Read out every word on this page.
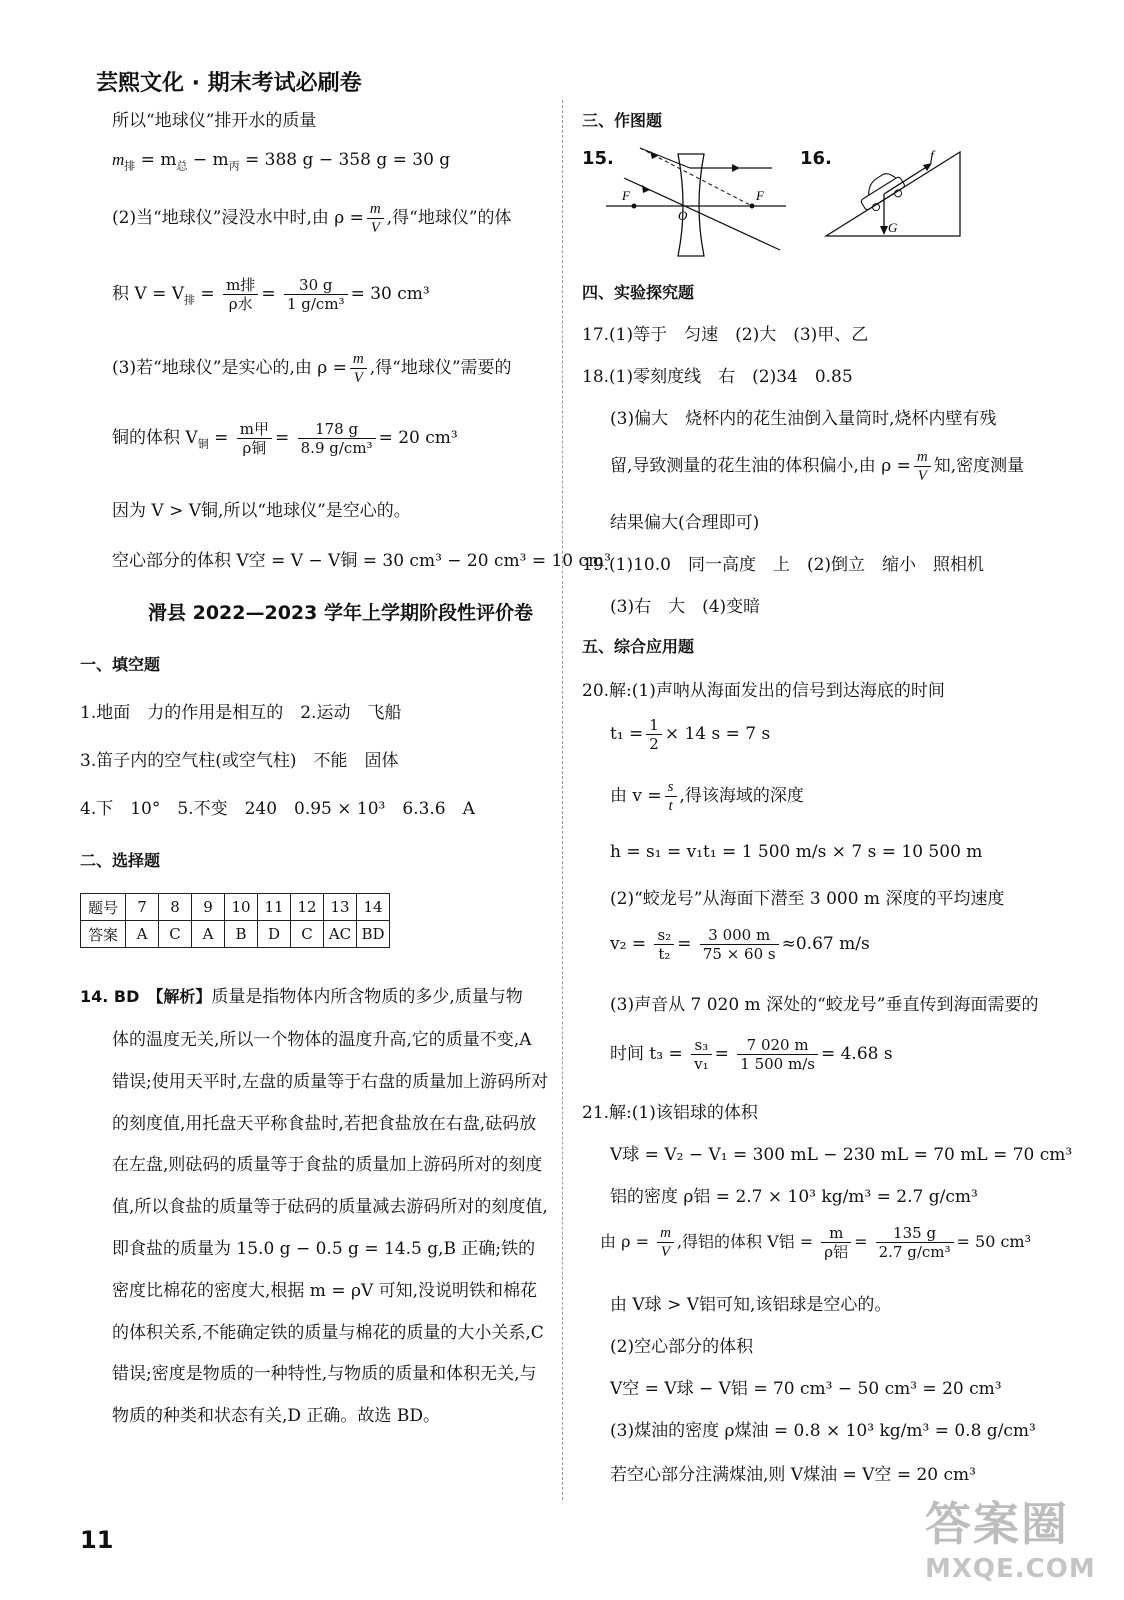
芸熙文化 · 期末考试必刷卷
所以“地球仪”排开水的质量
$m_排 = m_总 - m_丙 = 388$ g − 358 g = 30 g
(2)当“地球仪”浸没水中时,由 $\rho = \frac{m}{V}$ ,得“地球仪”的体
积 $V = V_排 = \frac{\text{m排}}{\text{ρ水}} = \frac{30 g}{\text{1 g/cm³}} = 30$ cm³
(3)若“地球仪”是实心的,由 $\rho = \frac{m}{V}$ ,得“地球仪”需要的
铜的体积 $V_铜 = \frac{\text{m甲}}{\text{ρ铜}} = \frac{178 g}{\text{8.9 g/cm³}} = 20$ cm³
因为 V > V铜,所以“地球仪”是空心的。
空心部分的体积 V空 = V − V铜 = 30 cm³ − 20 cm³ = 10 cm³
滑县 2022—2023 学年上学期阶段性评价卷
一、填空题
1.地面　力的作用是相互的　2.运动　飞船
3.笛子内的空气柱(或空气柱)　不能　固体
4.下　10°　5.不变　240　0.95 × 10³　6.3.6　A
二、选择题
题号	7	8	9	10	11	12	13	14
答案	A	C	A	B	D	C	AC	BD
14. BD　【解析】质量是指物体内所含物质的多少,质量与物
体的温度无关,所以一个物体的温度升高,它的质量不变,A 错误;使用天平时,左盘的质量等于右盘的质量加上游码所对的刻度值,用托盘天平称食盐时,若把食盐放在右盘,砝码放在左盘,则砝码的质量等于食盐的质量加上游码所对的刻度值,所以食盐的质量等于砝码的质量减去游码所对的刻度值,即食盐的质量为 15.0 g − 0.5 g = 14.5 g,B 正确;铁的密度比棉花的密度大,根据 m = ρV 可知,没说明铁和棉花的体积关系,不能确定铁的质量与棉花的质量的大小关系,C 错误;密度是物质的一种特性,与物质的质量和体积无关,与物质的种类和状态有关,D 正确。故选 BD。
11
三、作图题
15.	16.
F
O
F
f
G
四、实验探究题
17.(1)等于　匀速　(2)大　(3)甲、乙
18.(1)零刻度线　右　(2)34　0.85
(3)偏大　烧杯内的花生油倒入量筒时,烧杯内壁有残
留,导致测量的花生油的体积偏小,由 $\rho = \frac{m}{V}$ 知,密度测量
结果偏大(合理即可)
19.(1)10.0　同一高度　上　(2)倒立　缩小　照相机
(3)右　大　(4)变暗
五、综合应用题
20.解:(1)声呐从海面发出的信号到达海底的时间
$t_1 = \frac{1}{2} \times 14$ s = 7 s
由 $v = \frac{s}{t}$ ,得该海域的深度
h = s₁ = v₁t₁ = 1 500 m/s × 7 s = 10 500 m
(2)“蛟龙号”从海面下潜至 3 000 m 深度的平均速度
$v_2 = \frac{\text{s₂}}{\text{t₂}} = \frac{3 000 m}{75 \times 60 s} \approx 0.67$ m/s
(3)声音从 7 020 m 深处的“蛟龙号”垂直传到海面需要的
时间 $t_3 = \frac{\text{s₃}}{\text{v₁}} = \frac{7 020 m}{1 500 m/s} = 4.68$ s
21.解:(1)该铝球的体积
V球 = V₂ − V₁ = 300 mL − 230 mL = 70 mL = 70 cm³
铝的密度 ρ铝 = 2.7 × 10³ kg/m³ = 2.7 g/cm³
由 $\rho = \frac{m}{V}$ ,得铝的体积 V铝 = $\frac{m}{\text{ρ铝}} = \frac{135 g}{\text{2.7 g/cm³}} = 50$ cm³
由 V球 > V铝可知,该铝球是空心的。
(2)空心部分的体积
V空 = V球 − V铝 = 70 cm³ − 50 cm³ = 20 cm³
(3)煤油的密度 ρ煤油 = 0.8 × 10³ kg/m³ = 0.8 g/cm³
若空心部分注满煤油,则 V煤油 = V空 = 20 cm³
答案圈
MXQE.COM
